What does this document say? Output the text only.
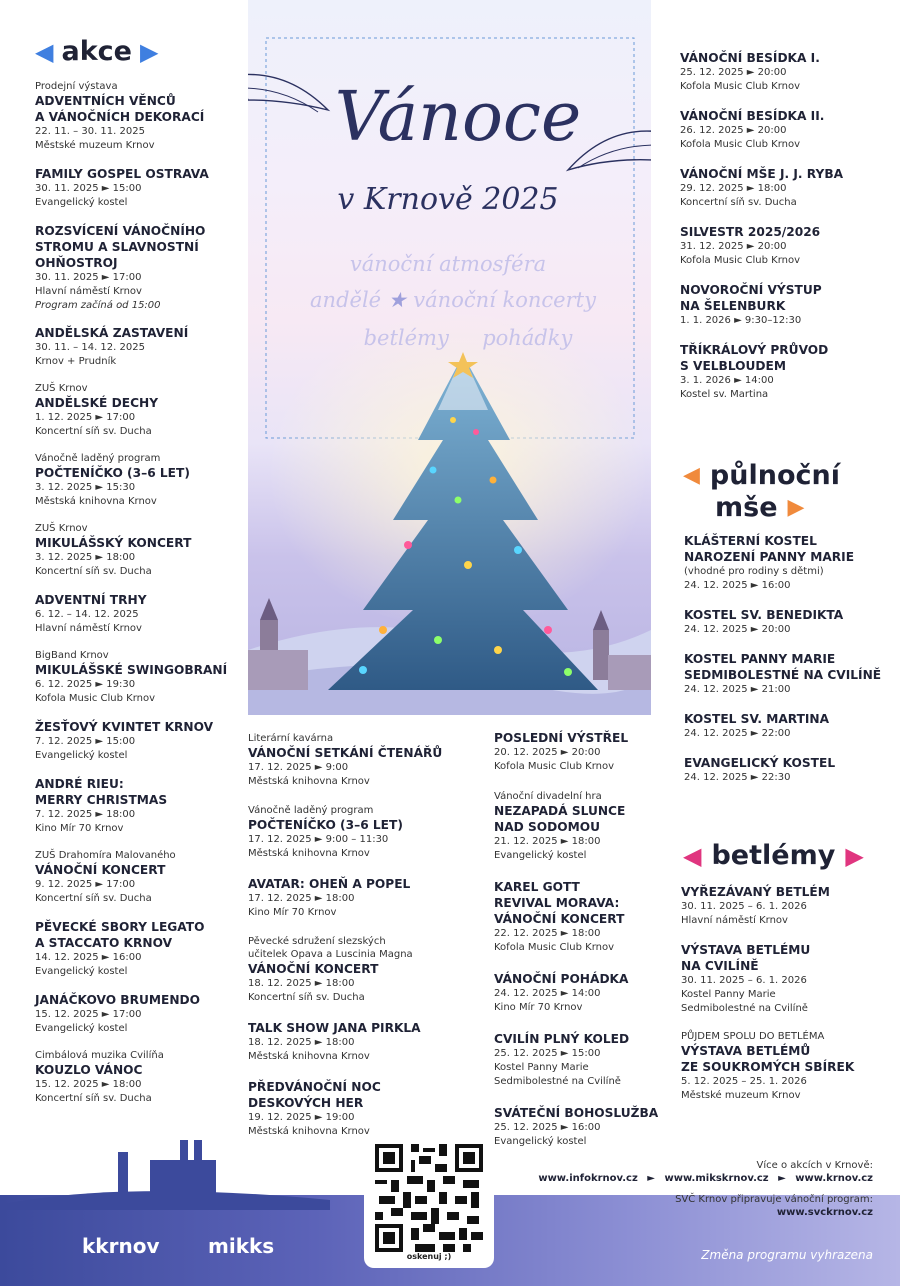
Vánoce
v Krnově 2025
vánoční atmosféra
andělé ★ vánoční koncerty
betlémy pohádky
◀ akce ▶
◀ půlnoční
mše ▶
◀ betlémy ▶
Prodejní výstava
ADVENTNÍCH VĚNCŮ
A VÁNOČNÍCH DEKORACÍ
22. 11. – 30. 11. 2025
Městské muzeum Krnov
FAMILY GOSPEL OSTRAVA
30. 11. 2025 ► 15:00
Evangelický kostel
ROZSVÍCENÍ VÁNOČNÍHO
STROMU A SLAVNOSTNÍ
OHŇOSTROJ
30. 11. 2025 ► 17:00
Hlavní náměstí Krnov
Program začíná od 15:00
ANDĚLSKÁ ZASTAVENÍ
30. 11. – 14. 12. 2025
Krnov + Prudník
ZUŠ Krnov
ANDĚLSKÉ DECHY
1. 12. 2025 ► 17:00
Koncertní síň sv. Ducha
Vánočně laděný program
POČTENÍČKO (3–6 LET)
3. 12. 2025 ► 15:30
Městská knihovna Krnov
ZUŠ Krnov
MIKULÁŠSKÝ KONCERT
3. 12. 2025 ► 18:00
Koncertní síň sv. Ducha
ADVENTNÍ TRHY
6. 12. – 14. 12. 2025
Hlavní náměstí Krnov
BigBand Krnov
MIKULÁŠSKÉ SWINGOBRANÍ
6. 12. 2025 ► 19:30
Kofola Music Club Krnov
ŽESŤOVÝ KVINTET KRNOV
7. 12. 2025 ► 15:00
Evangelický kostel
ANDRÉ RIEU:
MERRY CHRISTMAS
7. 12. 2025 ► 18:00
Kino Mír 70 Krnov
ZUŠ Drahomíra Malovaného
VÁNOČNÍ KONCERT
9. 12. 2025 ► 17:00
Koncertní síň sv. Ducha
PĚVECKÉ SBORY LEGATO
A STACCATO KRNOV
14. 12. 2025 ► 16:00
Evangelický kostel
JANÁČKOVO BRUMENDO
15. 12. 2025 ► 17:00
Evangelický kostel
Cimbálová muzika Cvilíňa
KOUZLO VÁNOC
15. 12. 2025 ► 18:00
Koncertní síň sv. Ducha
Literární kavárna
VÁNOČNÍ SETKÁNÍ ČTENÁŘŮ
17. 12. 2025 ► 9:00
Městská knihovna Krnov
Vánočně laděný program
POČTENÍČKO (3–6 LET)
17. 12. 2025 ► 9:00 – 11:30
Městská knihovna Krnov
AVATAR: OHEŇ A POPEL
17. 12. 2025 ► 18:00
Kino Mír 70 Krnov
Pěvecké sdružení slezských
učitelek Opava a Luscinia Magna
VÁNOČNÍ KONCERT
18. 12. 2025 ► 18:00
Koncertní síň sv. Ducha
TALK SHOW JANA PIRKLA
18. 12. 2025 ► 18:00
Městská knihovna Krnov
PŘEDVÁNOČNÍ NOC
DESKOVÝCH HER
19. 12. 2025 ► 19:00
Městská knihovna Krnov
POSLEDNÍ VÝSTŘEL
20. 12. 2025 ► 20:00
Kofola Music Club Krnov
Vánoční divadelní hra
NEZAPADÁ SLUNCE
NAD SODOMOU
21. 12. 2025 ► 18:00
Evangelický kostel
KAREL GOTT
REVIVAL MORAVA:
VÁNOČNÍ KONCERT
22. 12. 2025 ► 18:00
Kofola Music Club Krnov
VÁNOČNÍ POHÁDKA
24. 12. 2025 ► 14:00
Kino Mír 70 Krnov
CVILÍN PLNÝ KOLED
25. 12. 2025 ► 15:00
Kostel Panny Marie
Sedmibolestné na Cvilíně
SVÁTEČNÍ BOHOSLUŽBA
25. 12. 2025 ► 16:00
Evangelický kostel
VÁNOČNÍ BESÍDKA I.
25. 12. 2025 ► 20:00
Kofola Music Club Krnov
VÁNOČNÍ BESÍDKA II.
26. 12. 2025 ► 20:00
Kofola Music Club Krnov
VÁNOČNÍ MŠE J. J. RYBA
29. 12. 2025 ► 18:00
Koncertní síň sv. Ducha
SILVESTR 2025/2026
31. 12. 2025 ► 20:00
Kofola Music Club Krnov
NOVOROČNÍ VÝSTUP
NA ŠELENBURK
1. 1. 2026 ► 9:30–12:30
TŘÍKRÁLOVÝ PRŮVOD
S VELBLOUDEM
3. 1. 2026 ► 14:00
Kostel sv. Martina
KLÁŠTERNÍ KOSTEL
NAROZENÍ PANNY MARIE
(vhodné pro rodiny s dětmi)
24. 12. 2025 ► 16:00
KOSTEL SV. BENEDIKTA
24. 12. 2025 ► 20:00
KOSTEL PANNY MARIE
SEDMIBOLESTNÉ NA CVILÍNĚ
24. 12. 2025 ► 21:00
KOSTEL SV. MARTINA
24. 12. 2025 ► 22:00
EVANGELICKÝ KOSTEL
24. 12. 2025 ► 22:30
VYŘEZÁVANÝ BETLÉM
30. 11. 2025 – 6. 1. 2026
Hlavní náměstí Krnov
VÝSTAVA BETLÉMU
NA CVILÍNĚ
30. 11. 2025 – 6. 1. 2026
Kostel Panny Marie
Sedmibolestné na Cvilíně
PŮJDEM SPOLU DO BETLÉMA
VÝSTAVA BETLÉMŮ
ZE SOUKROMÝCH SBÍREK
5. 12. 2025 – 25. 1. 2026
Městské muzeum Krnov
oskenuj ;)
Více o akcích v Krnově:
www.infokrnov.cz ► www.mikskrnov.cz ► www.krnov.cz
SVČ Krnov připravuje vánoční program:
www.svckrnov.cz
Změna programu vyhrazena
kkrnov mikks
